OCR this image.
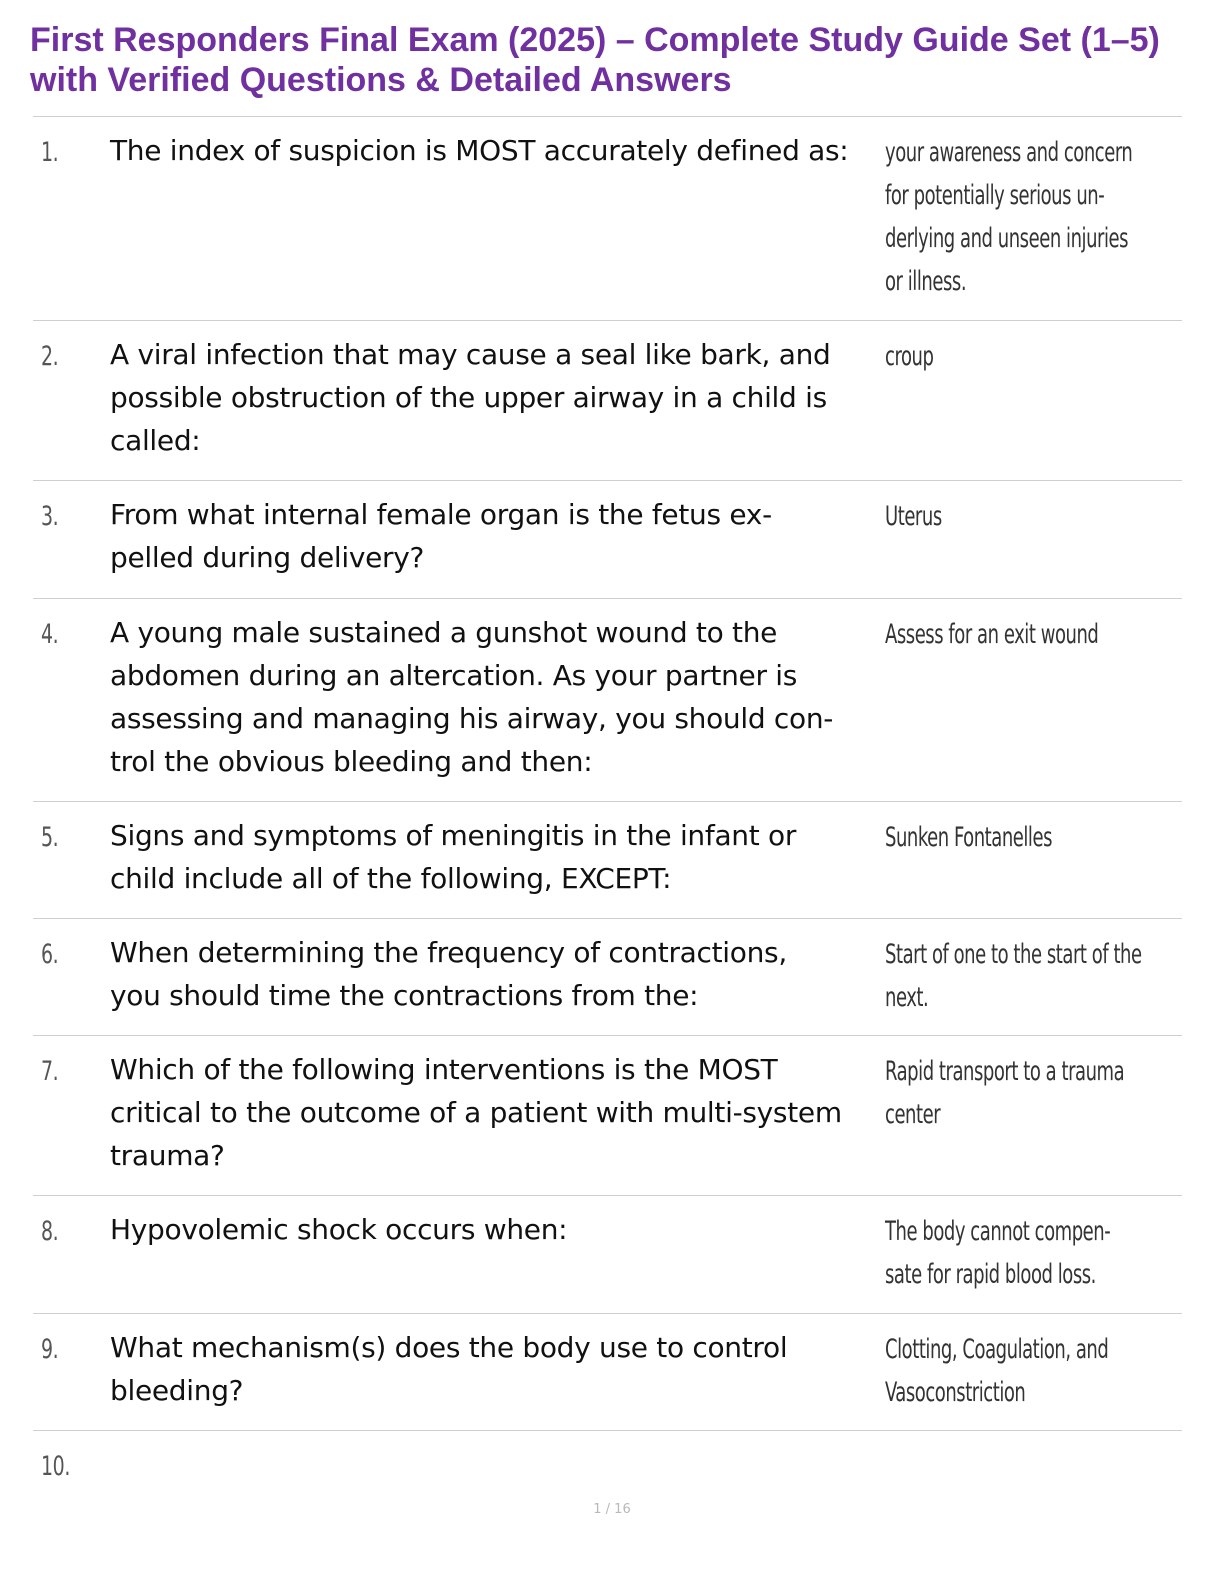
First Responders Final Exam (2025) – Complete Study Guide Set (1–5)
with Verified Questions & Detailed Answers
1. The index of suspicion is MOST accurately defined as:	your awareness and concern
for potentially serious un-
derlying and unseen injuries
or illness.
2. A viral infection that may cause a seal like bark, and
possible obstruction of the upper airway in a child is
called:
croup
3. From what internal female organ is the fetus ex-
pelled during delivery?
Uterus
4. A young male sustained a gunshot wound to the
abdomen during an altercation. As your partner is
assessing and managing his airway, you should con-
trol the obvious bleeding and then:
Assess for an exit wound
5. Signs and symptoms of meningitis in the infant or
child include all of the following, EXCEPT:
Sunken Fontanelles
6. When determining the frequency of contractions,
you should time the contractions from the:
Start of one to the start of the
next.
7. Which of the following interventions is the MOST
critical to the outcome of a patient with multi-system
trauma?
Rapid transport to a trauma
center
8. Hypovolemic shock occurs when:	The body cannot compen-
sate for rapid blood loss.
9. What mechanism(s) does the body use to control
bleeding?
Clotting, Coagulation, and
Vasoconstriction
10.
1 / 16
